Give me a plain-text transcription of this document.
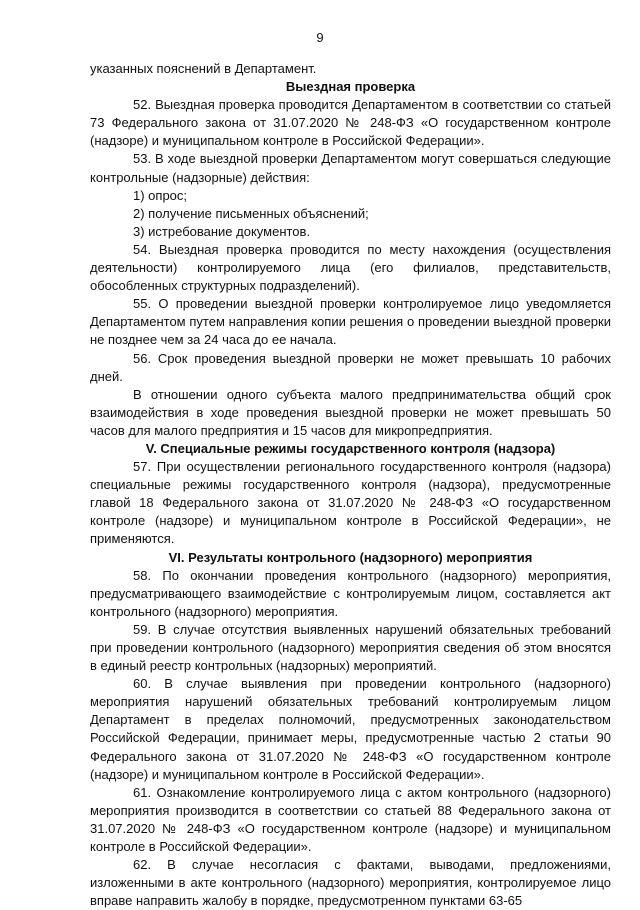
9

указанных пояснений в Департамент.

Выездная проверка

52. Выездная проверка проводится Департаментом в соответствии со статьей 73 Федерального закона от 31.07.2020 № 248-ФЗ «О государственном контроле (надзоре) и муниципальном контроле в Российской Федерации».

53. В ходе выездной проверки Департаментом могут совершаться следующие контрольные (надзорные) действия:

1) опрос;

2) получение письменных объяснений;

3) истребование документов.

54. Выездная проверка проводится по месту нахождения (осуществления деятельности) контролируемого лица (его филиалов, представительств, обособленных структурных подразделений).

55. О проведении выездной проверки контролируемое лицо уведомляется Департаментом путем направления копии решения о проведении выездной проверки не позднее чем за 24 часа до ее начала.

56. Срок проведения выездной проверки не может превышать 10 рабочих дней.

В отношении одного субъекта малого предпринимательства общий срок взаимодействия в ходе проведения выездной проверки не может превышать 50 часов для малого предприятия и 15 часов для микропредприятия.

V. Специальные режимы государственного контроля (надзора)

57. При осуществлении регионального государственного контроля (надзора) специальные режимы государственного контроля (надзора), предусмотренные главой 18 Федерального закона от 31.07.2020 № 248-ФЗ «О государственном контроле (надзоре) и муниципальном контроле в Российской Федерации», не применяются.

VI. Результаты контрольного (надзорного) мероприятия

58. По окончании проведения контрольного (надзорного) мероприятия, предусматривающего взаимодействие с контролируемым лицом, составляется акт контрольного (надзорного) мероприятия.

59. В случае отсутствия выявленных нарушений обязательных требований при проведении контрольного (надзорного) мероприятия сведения об этом вносятся в единый реестр контрольных (надзорных) мероприятий.

60. В случае выявления при проведении контрольного (надзорного) мероприятия нарушений обязательных требований контролируемым лицом Департамент в пределах полномочий, предусмотренных законодательством Российской Федерации, принимает меры, предусмотренные частью 2 статьи 90 Федерального закона от 31.07.2020 № 248-ФЗ «О государственном контроле (надзоре) и муниципальном контроле в Российской Федерации».

61. Ознакомление контролируемого лица с актом контрольного (надзорного) мероприятия производится в соответствии со статьей 88 Федерального закона от 31.07.2020 № 248-ФЗ «О государственном контроле (надзоре) и муниципальном контроле в Российской Федерации».

62. В случае несогласия с фактами, выводами, предложениями, изложенными в акте контрольного (надзорного) мероприятия, контролируемое лицо вправе направить жалобу в порядке, предусмотренном пунктами 63-65
